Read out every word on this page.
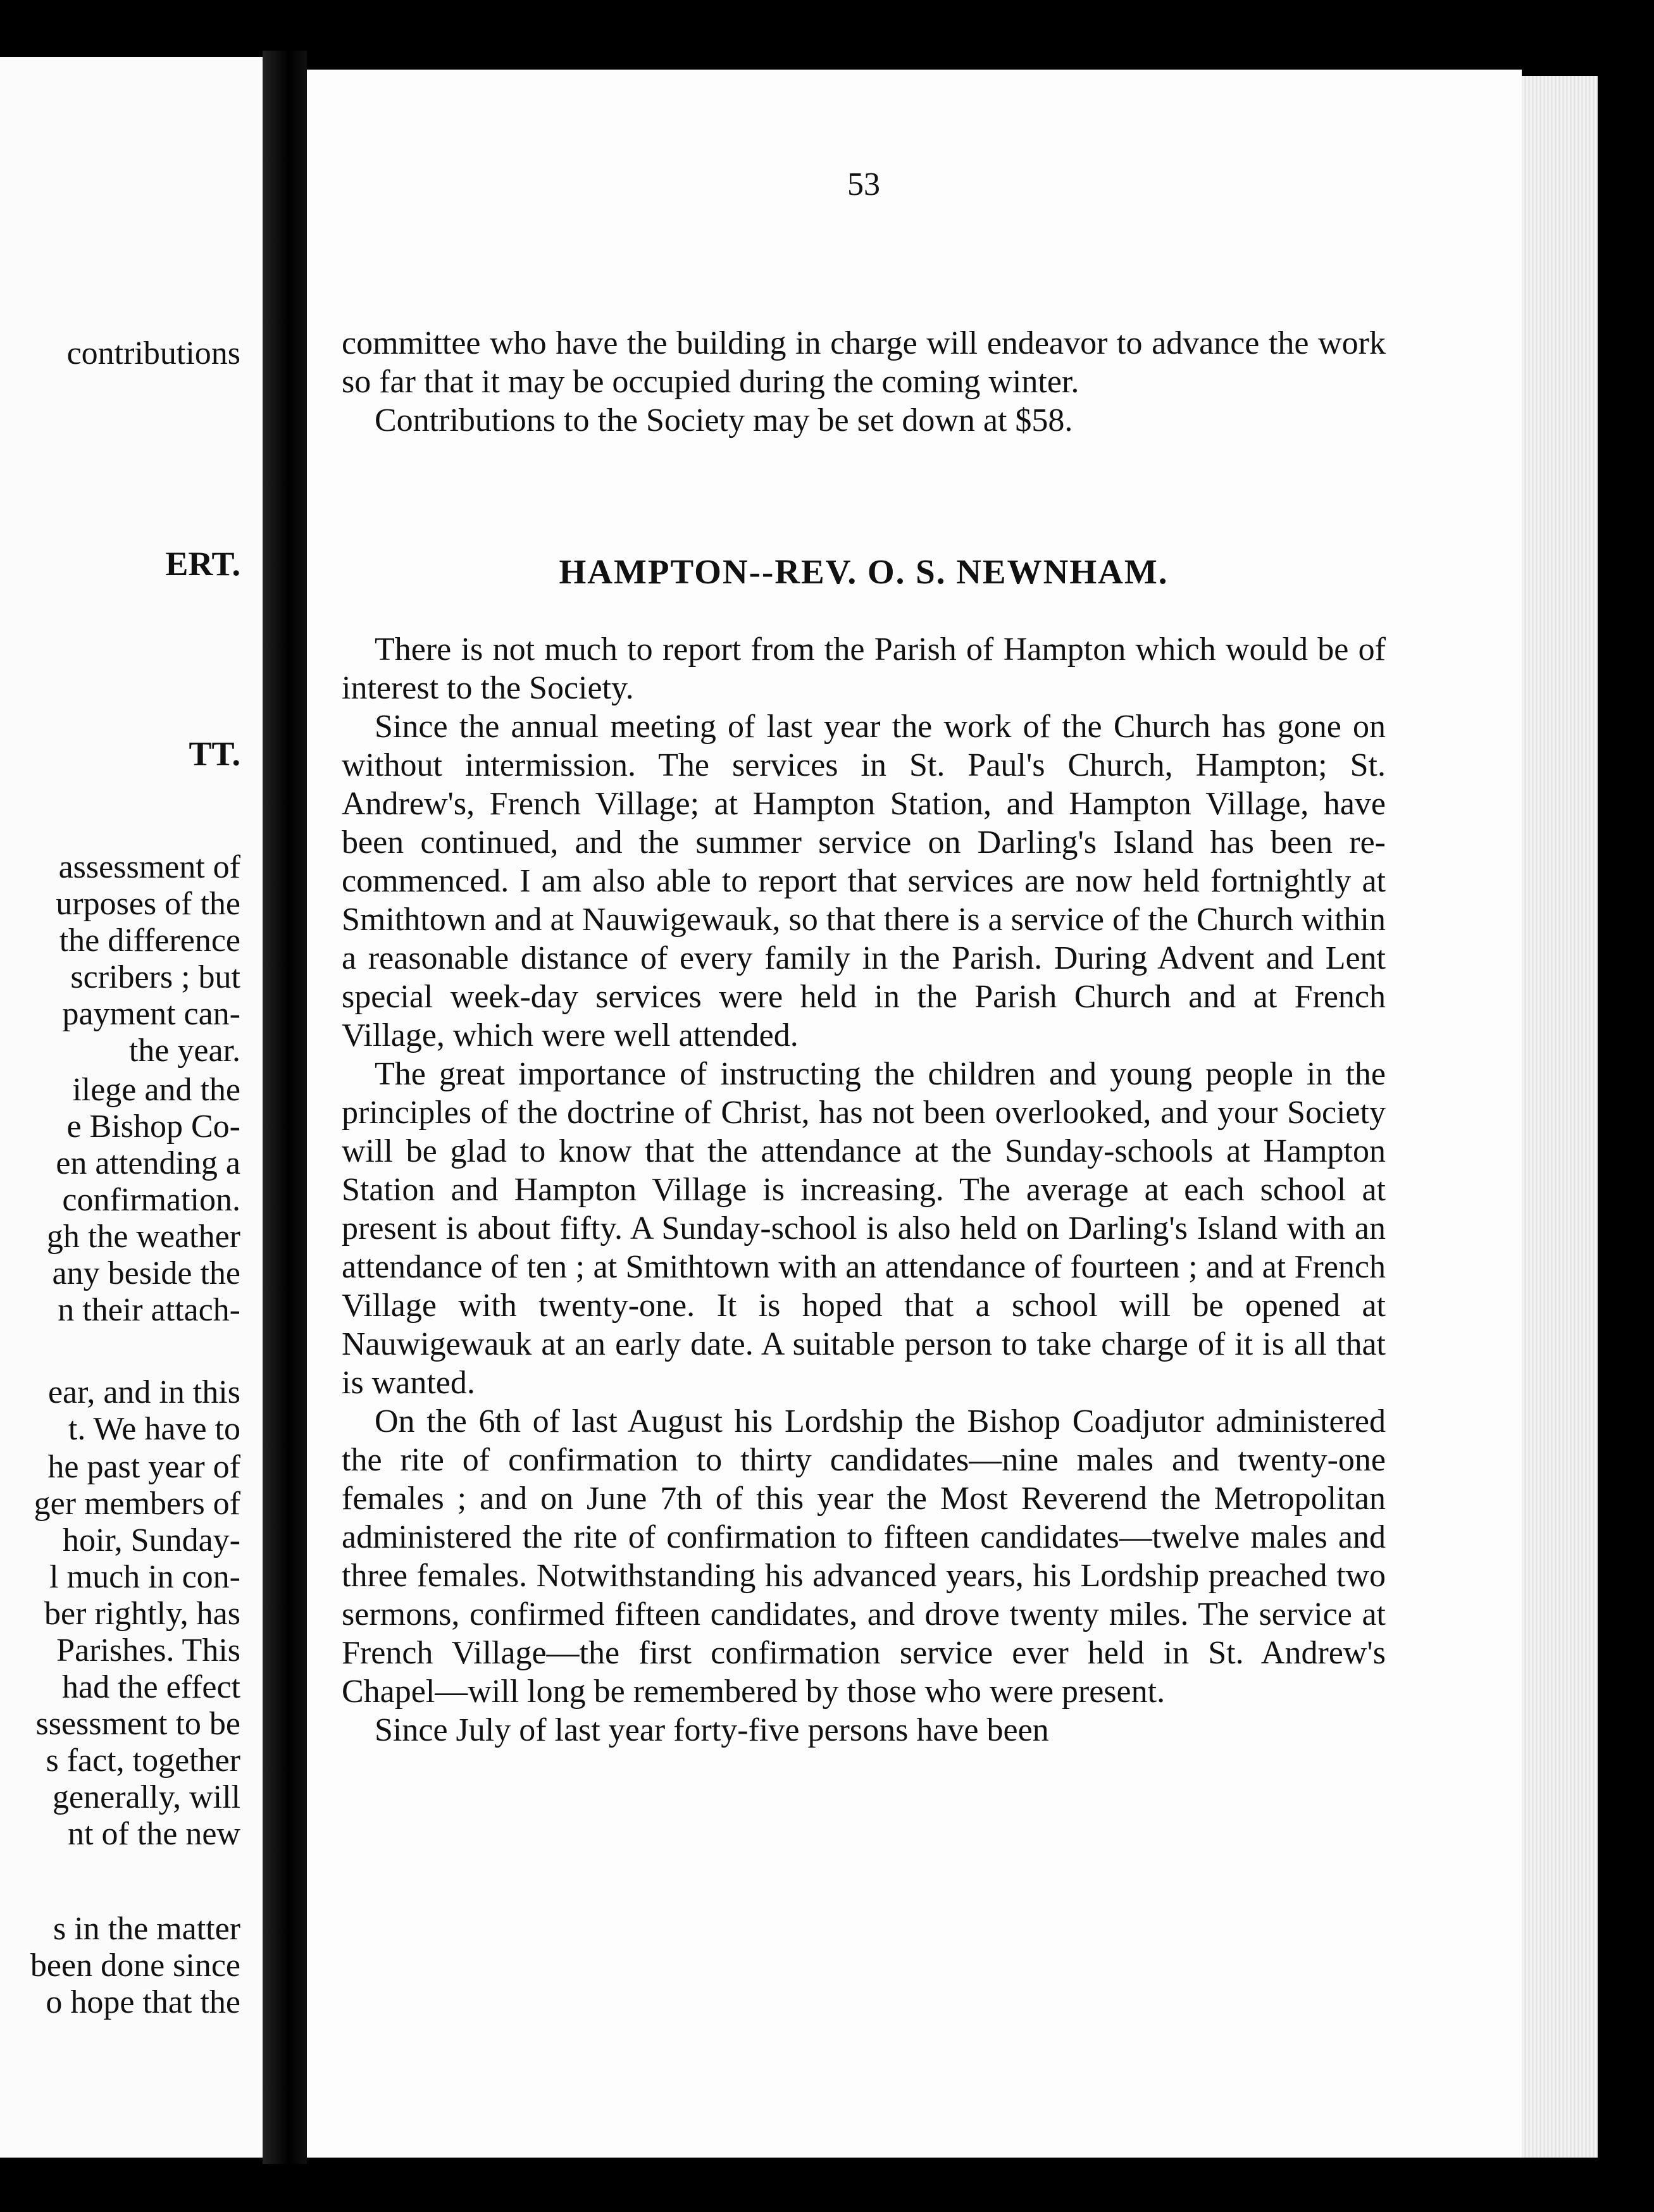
contributions
ERT.
TT.
assessment of
urposes of the
the difference
scribers ; but
payment can-
the year.
ilege and the
e Bishop Co-
en attending a
confirmation.
gh the weather
any beside the
n their attach-
ear, and in this
t. We have to
he past year of
ger members of
hoir, Sunday-
l much in con-
ber rightly, has
Parishes. This
had the effect
ssessment to be
s fact, together
generally, will
nt of the new
s in the matter
been done since
o hope that the
53

committee who have the building in charge will endeavor to advance the work so far that it may be occupied during the coming winter.

Contributions to the Society may be set down at $58.

HAMPTON--REV. O. S. NEWNHAM.

There is not much to report from the Parish of Hampton which would be of interest to the Society.

Since the annual meeting of last year the work of the Church has gone on without intermission. The services in St. Paul's Church, Hampton; St. Andrew's, French Village; at Hampton Station, and Hampton Village, have been continued, and the summer service on Darling's Island has been re-commenced. I am also able to report that services are now held fortnightly at Smithtown and at Nauwigewauk, so that there is a service of the Church within a reasonable distance of every family in the Parish. During Advent and Lent special week-day services were held in the Parish Church and at French Village, which were well attended.

The great importance of instructing the children and young people in the principles of the doctrine of Christ, has not been overlooked, and your Society will be glad to know that the attendance at the Sunday-schools at Hampton Station and Hampton Village is increasing. The average at each school at present is about fifty. A Sunday-school is also held on Darling's Island with an attendance of ten ; at Smithtown with an attendance of fourteen ; and at French Village with twenty-one. It is hoped that a school will be opened at Nauwigewauk at an early date. A suitable person to take charge of it is all that is wanted.

On the 6th of last August his Lordship the Bishop Coadjutor administered the rite of confirmation to thirty candidates—nine males and twenty-one females ; and on June 7th of this year the Most Reverend the Metropolitan administered the rite of confirmation to fifteen candidates—twelve males and three females. Notwithstanding his advanced years, his Lordship preached two sermons, confirmed fifteen candidates, and drove twenty miles. The service at French Village—the first confirmation service ever held in St. Andrew's Chapel—will long be remembered by those who were present.

Since July of last year forty-five persons have been
